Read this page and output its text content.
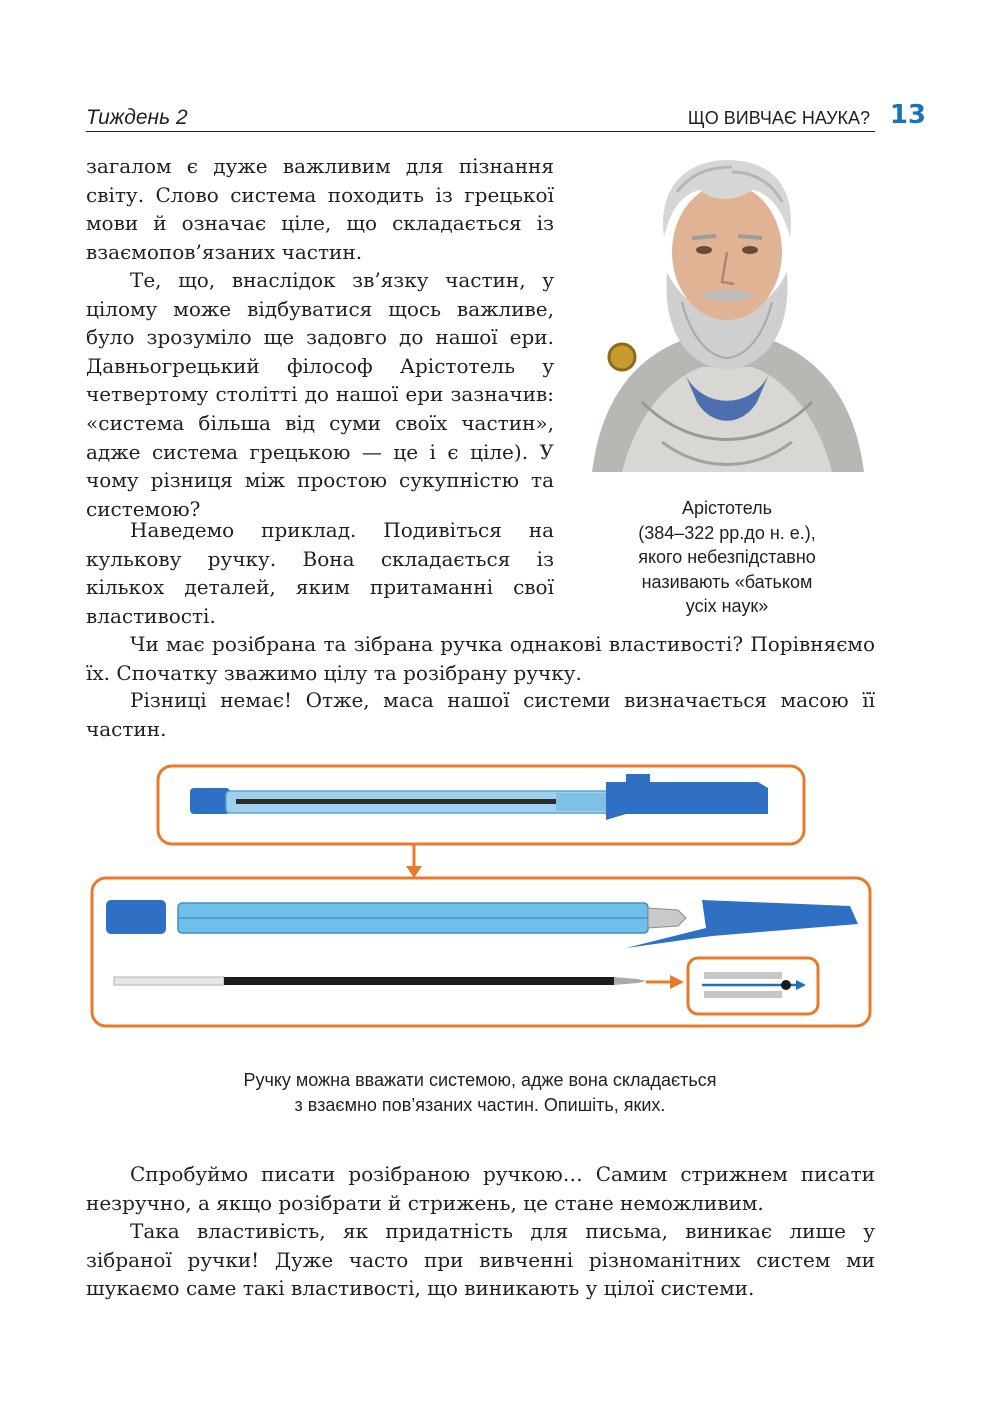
Тиждень 2	ЩО ВИВЧАЄ НАУКА? 13

загалом є дуже важливим для пізнання світу. Слово система походить із грецької мови й означає ціле, що складається із взаємопов’язаних частин.

Те, що, внаслідок зв’язку частин, у цілому може відбуватися щось важливе, було зрозуміло ще задовго до нашої ери. Давньогрецький філософ Арістотель у четвертому столітті до нашої ери зазначив: «система більша від суми своїх частин», адже система грецькою — це і є ціле). У чому різниця між простою сукупністю та системою?

Наведемо приклад. Подивіться на кулькову ручку. Вона складається із кількох деталей, яким притаманні свої властивості.

Арістотель
(384–322 рр.до н. е.),
якого небезпідставно
називають «батьком
усіх наук»

Чи має розібрана та зібрана ручка однакові властивості? Порівняємо їх. Спочатку зважимо цілу та розібрану ручку.

Різниці немає! Отже, маса нашої системи визначається масою її частин.

Ручку можна вважати системою, адже вона складається
з взаємно пов’язаних частин. Опишіть, яких.

Спробуймо писати розібраною ручкою… Самим стрижнем писати незручно, а якщо розібрати й стрижень, це стане неможливим.

Така властивість, як придатність для письма, виникає лише у зібраної ручки! Дуже часто при вивченні різноманітних систем ми шукаємо саме такі властивості, що виникають у цілої системи.
